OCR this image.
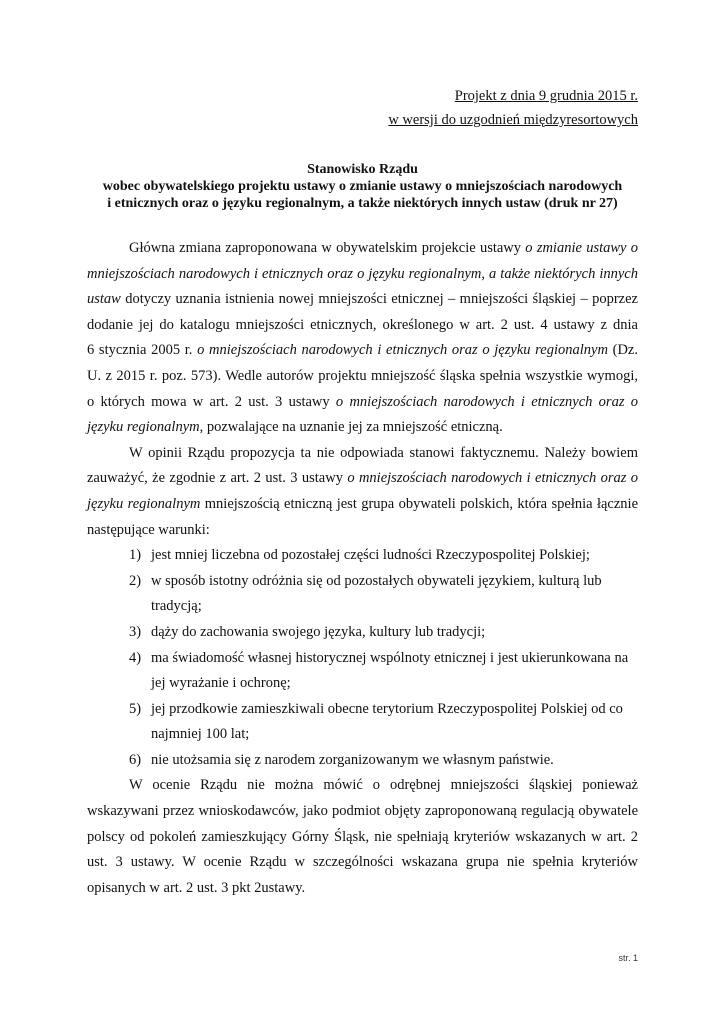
Projekt z dnia 9 grudnia 2015 r.
w wersji do uzgodnień międzyresortowych
Stanowisko Rządu
wobec obywatelskiego projektu ustawy o zmianie ustawy o mniejszościach narodowych
i etnicznych oraz o języku regionalnym, a także niektórych innych ustaw (druk nr 27)

Główna zmiana zaproponowana w obywatelskim projekcie ustawy o zmianie ustawy o mniejszościach narodowych i etnicznych oraz o języku regionalnym, a także niektórych innych ustaw dotyczy uznania istnienia nowej mniejszości etnicznej – mniejszości śląskiej – poprzez dodanie jej do katalogu mniejszości etnicznych, określonego w art. 2 ust. 4 ustawy z dnia

6 stycznia 2005 r. o mniejszościach narodowych i etnicznych oraz o języku regionalnym (Dz. U. z 2015 r. poz. 573). Wedle autorów projektu mniejszość śląska spełnia wszystkie wymogi, o których mowa w art. 2 ust. 3 ustawy o mniejszościach narodowych i etnicznych oraz o języku regionalnym, pozwalające na uznanie jej za mniejszość etniczną.

W opinii Rządu propozycja ta nie odpowiada stanowi faktycznemu. Należy bowiem zauważyć, że zgodnie z art. 2 ust. 3 ustawy o mniejszościach narodowych i etnicznych oraz o języku regionalnym mniejszością etniczną jest grupa obywateli polskich, która spełnia łącznie następujące warunki:

1) jest mniej liczebna od pozostałej części ludności Rzeczypospolitej Polskiej;
2) w sposób istotny odróżnia się od pozostałych obywateli językiem, kulturą lub tradycją;
3) dąży do zachowania swojego języka, kultury lub tradycji;
4) ma świadomość własnej historycznej wspólnoty etnicznej i jest ukierunkowana na jej wyrażanie i ochronę;
5) jej przodkowie zamieszkiwali obecne terytorium Rzeczypospolitej Polskiej od co najmniej 100 lat;
6) nie utożsamia się z narodem zorganizowanym we własnym państwie.

W ocenie Rządu nie można mówić o odrębnej mniejszości śląskiej ponieważ wskazywani przez wnioskodawców, jako podmiot objęty zaproponowaną regulacją obywatele polscy od pokoleń zamieszkujący Górny Śląsk, nie spełniają kryteriów wskazanych w art. 2 ust. 3 ustawy. W ocenie Rządu w szczególności wskazana grupa nie spełnia kryteriów opisanych w art. 2 ust. 3 pkt 2ustawy.

str. 1
